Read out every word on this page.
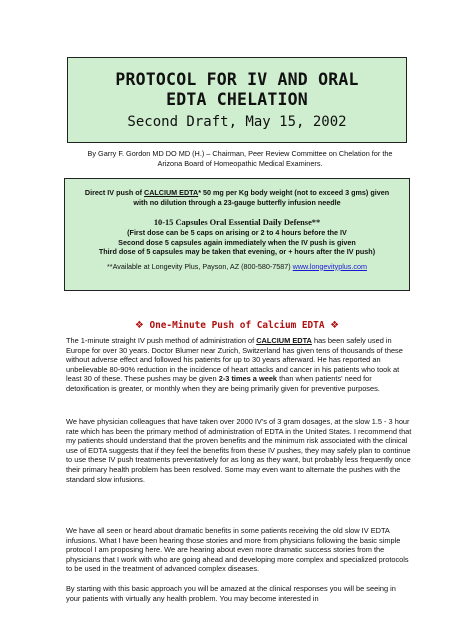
PROTOCOL FOR IV AND ORAL
EDTA CHELATION
Second Draft, May 15, 2002
By Garry F. Gordon MD DO MD (H.) – Chairman, Peer Review Committee on Chelation for the
Arizona Board of Homeopathic Medical Examiners.
Direct IV push of CALCIUM EDTA* 50 mg per Kg body weight (not to exceed 3 gms) given
with no dilution through a 23-gauge butterfly infusion needle
10-15 Capsules Oral Essential Daily Defense**
(First dose can be 5 caps on arising or 2 to 4 hours before the IV
Second dose 5 capsules again immediately when the IV push is given
Third dose of 5 capsules may be taken that evening, or + hours after the IV push)
**Available at Longevity Plus, Payson, AZ (800-580-7587) www.longevityplus.com
❖ One-Minute Push of Calcium EDTA ❖
The 1-minute straight IV push method of administration of CALCIUM EDTA has been safely used in Europe for over 30 years. Doctor Blumer near Zurich, Switzerland has given tens of thousands of these without adverse effect and followed his patients for up to 30 years afterward. He has reported an unbelievable 80-90% reduction in the incidence of heart attacks and cancer in his patients who took at least 30 of these. These pushes may be given 2-3 times a week than when patients' need for detoxification is greater, or monthly when they are being primarily given for preventive purposes.
We have physician colleagues that have taken over 2000 IV's of 3 gram dosages, at the slow 1.5 - 3 hour rate which has been the primary method of administration of EDTA in the United States. I recommend that my patients should understand that the proven benefits and the minimum risk associated with the clinical use of EDTA suggests that if they feel the benefits from these IV pushes, they may safely plan to continue to use these IV push treatments preventatively for as long as they want, but probably less frequently once their primary health problem has been resolved. Some may even want to alternate the pushes with the standard slow infusions.
We have all seen or heard about dramatic benefits in some patients receiving the old slow IV EDTA infusions. What I have been hearing those stories and more from physicians following the basic simple protocol I am proposing here. We are hearing about even more dramatic success stories from the physicians that I work with who are going ahead and developing more complex and specialized protocols to be used in the treatment of advanced complex diseases.
By starting with this basic approach you will be amazed at the clinical responses you will be seeing in your patients with virtually any health problem. You may become interested in
